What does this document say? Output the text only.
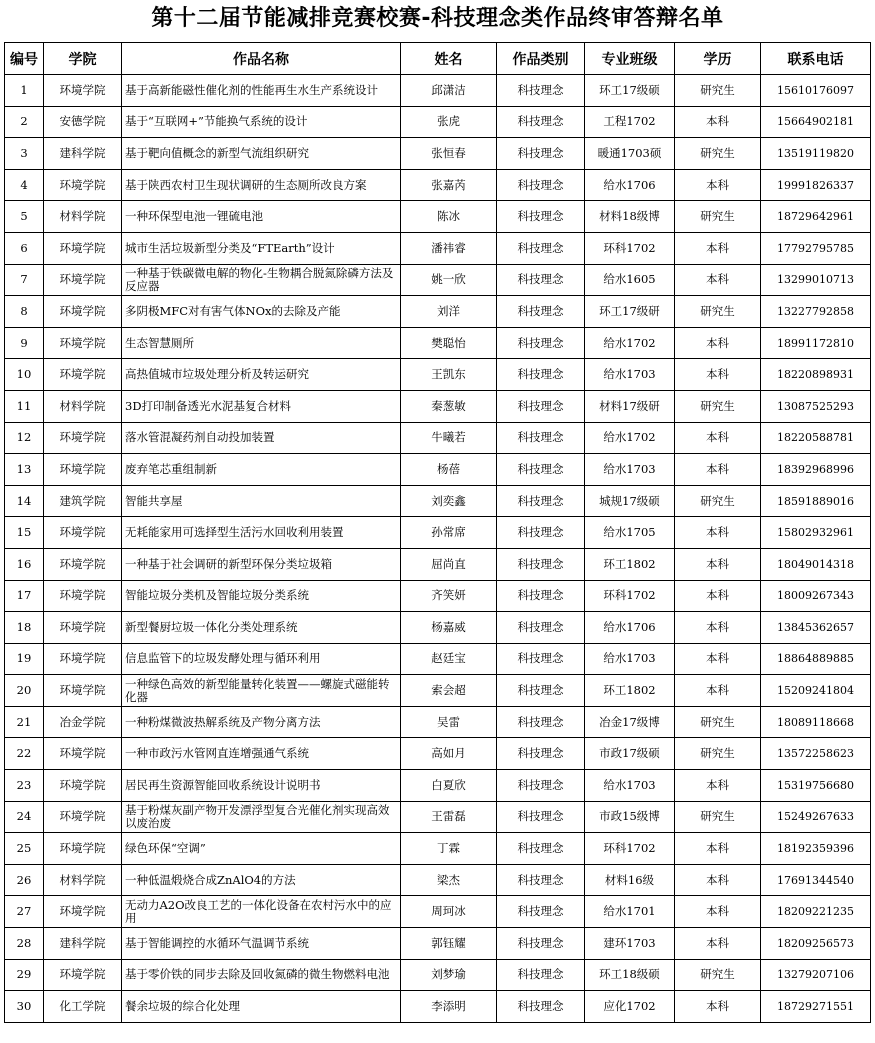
第十二届节能减排竞赛校赛-科技理念类作品终审答辩名单
编号	学院	作品名称	姓名	作品类别	专业班级	学历	联系电话
1	环境学院	基于高新能磁性催化剂的性能再生水生产系统设计	邱潇洁	科技理念	环工17级硕	研究生	15610176097
2	安德学院	基于“互联网+”节能换气系统的设计	张虎	科技理念	工程1702	本科	15664902181
3	建科学院	基于靶向值概念的新型气流组织研究	张恒春	科技理念	暖通1703硕	研究生	13519119820
4	环境学院	基于陕西农村卫生现状调研的生态厕所改良方案	张嘉芮	科技理念	给水1706	本科	19991826337
5	材料学院	一种环保型电池一锂硫电池	陈冰	科技理念	材料18级博	研究生	18729642961
6	环境学院	城市生活垃圾新型分类及“FTEarth”设计	潘祎睿	科技理念	环科1702	本科	17792795785
7	环境学院	一种基于铁碳微电解的物化-生物耦合脱氮除磷方法及反应器	姚一欣	科技理念	给水1605	本科	13299010713
8	环境学院	多阴极MFC对有害气体NOx的去除及产能	刘洋	科技理念	环工17级研	研究生	13227792858
9	环境学院	生态智慧厕所	樊聪怡	科技理念	给水1702	本科	18991172810
10	环境学院	高热值城市垃圾处理分析及转运研究	王凯东	科技理念	给水1703	本科	18220898931
11	材料学院	3D打印制备透光水泥基复合材料	秦葱敏	科技理念	材料17级研	研究生	13087525293
12	环境学院	落水管混凝药剂自动投加装置	牛曦若	科技理念	给水1702	本科	18220588781
13	环境学院	废弃笔芯重组制新	杨蓓	科技理念	给水1703	本科	18392968996
14	建筑学院	智能共享屋	刘奕鑫	科技理念	城规17级硕	研究生	18591889016
15	环境学院	无耗能家用可选择型生活污水回收利用装置	孙常席	科技理念	给水1705	本科	15802932961
16	环境学院	一种基于社会调研的新型环保分类垃圾箱	屈尚直	科技理念	环工1802	本科	18049014318
17	环境学院	智能垃圾分类机及智能垃圾分类系统	齐笑妍	科技理念	环科1702	本科	18009267343
18	环境学院	新型餐厨垃圾一体化分类处理系统	杨嘉威	科技理念	给水1706	本科	13845362657
19	环境学院	信息监管下的垃圾发酵处理与循环利用	赵廷宝	科技理念	给水1703	本科	18864889885
20	环境学院	一种绿色高效的新型能量转化装置——螺旋式磁能转化器	索会超	科技理念	环工1802	本科	15209241804
21	冶金学院	一种粉煤微波热解系统及产物分离方法	吴雷	科技理念	冶金17级博	研究生	18089118668
22	环境学院	一种市政污水管网直连增强通气系统	高如月	科技理念	市政17级硕	研究生	13572258623
23	环境学院	居民再生资源智能回收系统设计说明书	白夏欣	科技理念	给水1703	本科	15319756680
24	环境学院	基于粉煤灰副产物开发漂浮型复合光催化剂实现高效以废治废	王雷磊	科技理念	市政15级博	研究生	15249267633
25	环境学院	绿色环保“空调”	丁霖	科技理念	环科1702	本科	18192359396
26	材料学院	一种低温煅烧合成ZnAlO4的方法	梁杰	科技理念	材料16级	本科	17691344540
27	环境学院	无动力A2O改良工艺的一体化设备在农村污水中的应用	周珂冰	科技理念	给水1701	本科	18209221235
28	建科学院	基于智能调控的水循环气温调节系统	郭钰耀	科技理念	建环1703	本科	18209256573
29	环境学院	基于零价铁的同步去除及回收氮磷的微生物燃料电池	刘梦瑜	科技理念	环工18级硕	研究生	13279207106
30	化工学院	餐余垃圾的综合化处理	李添明	科技理念	应化1702	本科	18729271551
